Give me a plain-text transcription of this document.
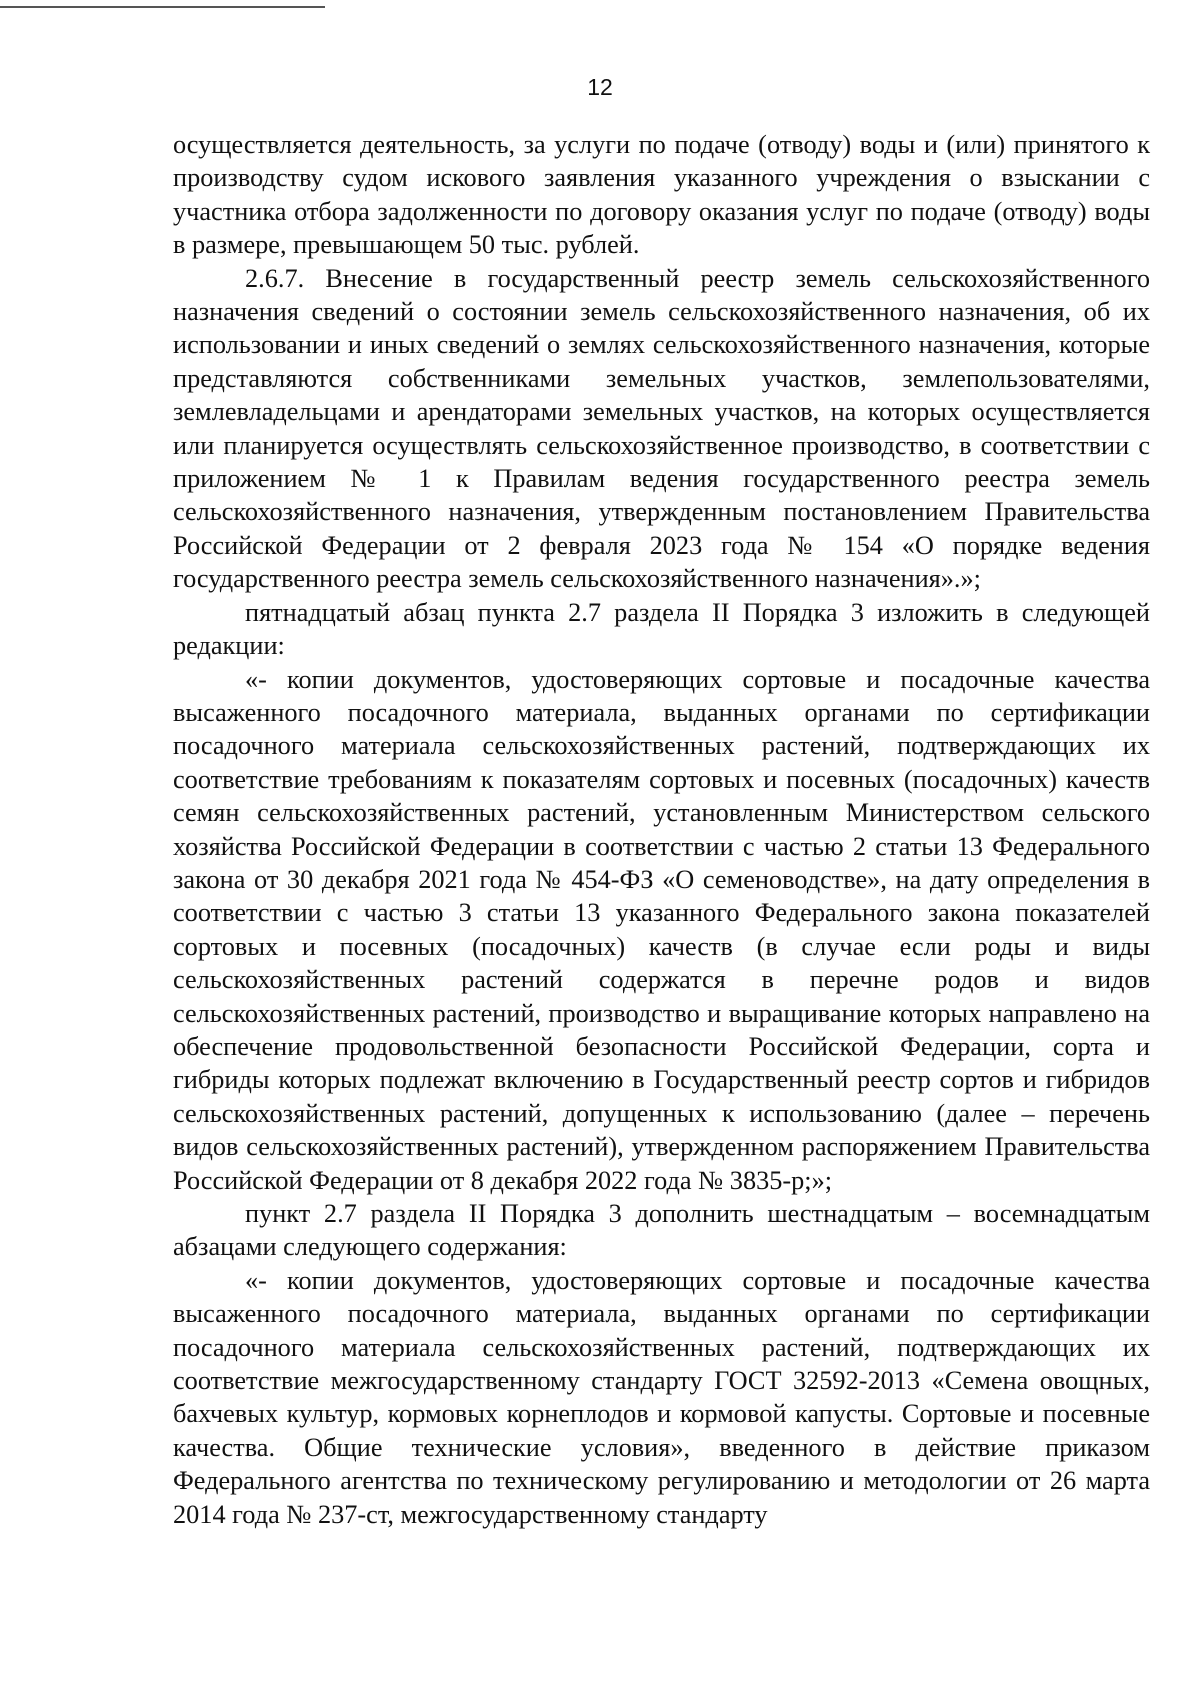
12

осуществляется деятельность, за услуги по подаче (отводу) воды и (или) принятого к производству судом искового заявления указанного учреждения о взыскании с участника отбора задолженности по договору оказания услуг по подаче (отводу) воды в размере, превышающем 50 тыс. рублей.

2.6.7. Внесение в государственный реестр земель сельскохозяйственного назначения сведений о состоянии земель сельскохозяйственного назначения, об их использовании и иных сведений о землях сельскохозяйственного назначения, которые представляются собственниками земельных участков, землепользователями, землевладельцами и арендаторами земельных участков, на которых осуществляется или планируется осуществлять сельскохозяйственное производство, в соответствии с приложением № 1 к Правилам ведения государственного реестра земель сельскохозяйственного назначения, утвержденным постановлением Правительства Российской Федерации от 2 февраля 2023 года № 154 «О порядке ведения государственного реестра земель сельскохозяйственного назначения».»;

пятнадцатый абзац пункта 2.7 раздела II Порядка 3 изложить в следующей редакции:

«- копии документов, удостоверяющих сортовые и посадочные качества высаженного посадочного материала, выданных органами по сертификации посадочного материала сельскохозяйственных растений, подтверждающих их соответствие требованиям к показателям сортовых и посевных (посадочных) качеств семян сельскохозяйственных растений, установленным Министерством сельского хозяйства Российской Федерации в соответствии с частью 2 статьи 13 Федерального закона от 30 декабря 2021 года № 454-ФЗ «О семеноводстве», на дату определения в соответствии с частью 3 статьи 13 указанного Федерального закона показателей сортовых и посевных (посадочных) качеств (в случае если роды и виды сельскохозяйственных растений содержатся в перечне родов и видов сельскохозяйственных растений, производство и выращивание которых направлено на обеспечение продовольственной безопасности Российской Федерации, сорта и гибриды которых подлежат включению в Государственный реестр сортов и гибридов сельскохозяйственных растений, допущенных к использованию (далее – перечень видов сельскохозяйственных растений), утвержденном распоряжением Правительства Российской Федерации от 8 декабря 2022 года № 3835-р;»;

пункт 2.7 раздела II Порядка 3 дополнить шестнадцатым – восемнадцатым абзацами следующего содержания:

«- копии документов, удостоверяющих сортовые и посадочные качества высаженного посадочного материала, выданных органами по сертификации посадочного материала сельскохозяйственных растений, подтверждающих их соответствие межгосударственному стандарту ГОСТ 32592-2013 «Семена овощных, бахчевых культур, кормовых корнеплодов и кормовой капусты. Сортовые и посевные качества. Общие технические условия», введенного в действие приказом Федерального агентства по техническому регулированию и методологии от 26 марта 2014 года № 237-ст, межгосударственному стандарту
